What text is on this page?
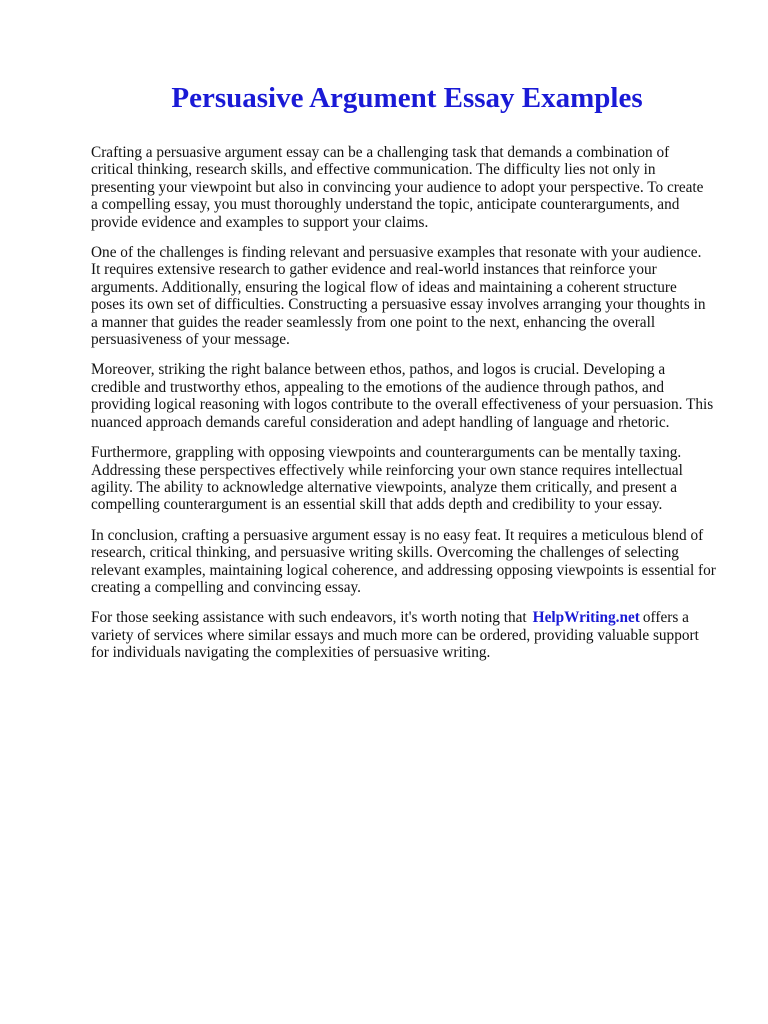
Persuasive Argument Essay Examples

Crafting a persuasive argument essay can be a challenging task that demands a combination of
critical thinking, research skills, and effective communication. The difficulty lies not only in
presenting your viewpoint but also in convincing your audience to adopt your perspective. To create
a compelling essay, you must thoroughly understand the topic, anticipate counterarguments, and
provide evidence and examples to support your claims.

One of the challenges is finding relevant and persuasive examples that resonate with your audience.
It requires extensive research to gather evidence and real-world instances that reinforce your
arguments. Additionally, ensuring the logical flow of ideas and maintaining a coherent structure
poses its own set of difficulties. Constructing a persuasive essay involves arranging your thoughts in
a manner that guides the reader seamlessly from one point to the next, enhancing the overall
persuasiveness of your message.

Moreover, striking the right balance between ethos, pathos, and logos is crucial. Developing a
credible and trustworthy ethos, appealing to the emotions of the audience through pathos, and
providing logical reasoning with logos contribute to the overall effectiveness of your persuasion. This
nuanced approach demands careful consideration and adept handling of language and rhetoric.

Furthermore, grappling with opposing viewpoints and counterarguments can be mentally taxing.
Addressing these perspectives effectively while reinforcing your own stance requires intellectual
agility. The ability to acknowledge alternative viewpoints, analyze them critically, and present a
compelling counterargument is an essential skill that adds depth and credibility to your essay.

In conclusion, crafting a persuasive argument essay is no easy feat. It requires a meticulous blend of
research, critical thinking, and persuasive writing skills. Overcoming the challenges of selecting
relevant examples, maintaining logical coherence, and addressing opposing viewpoints is essential for
creating a compelling and convincing essay.

For those seeking assistance with such endeavors, it's worth noting that HelpWriting.net offers a
variety of services where similar essays and much more can be ordered, providing valuable support
for individuals navigating the complexities of persuasive writing.
